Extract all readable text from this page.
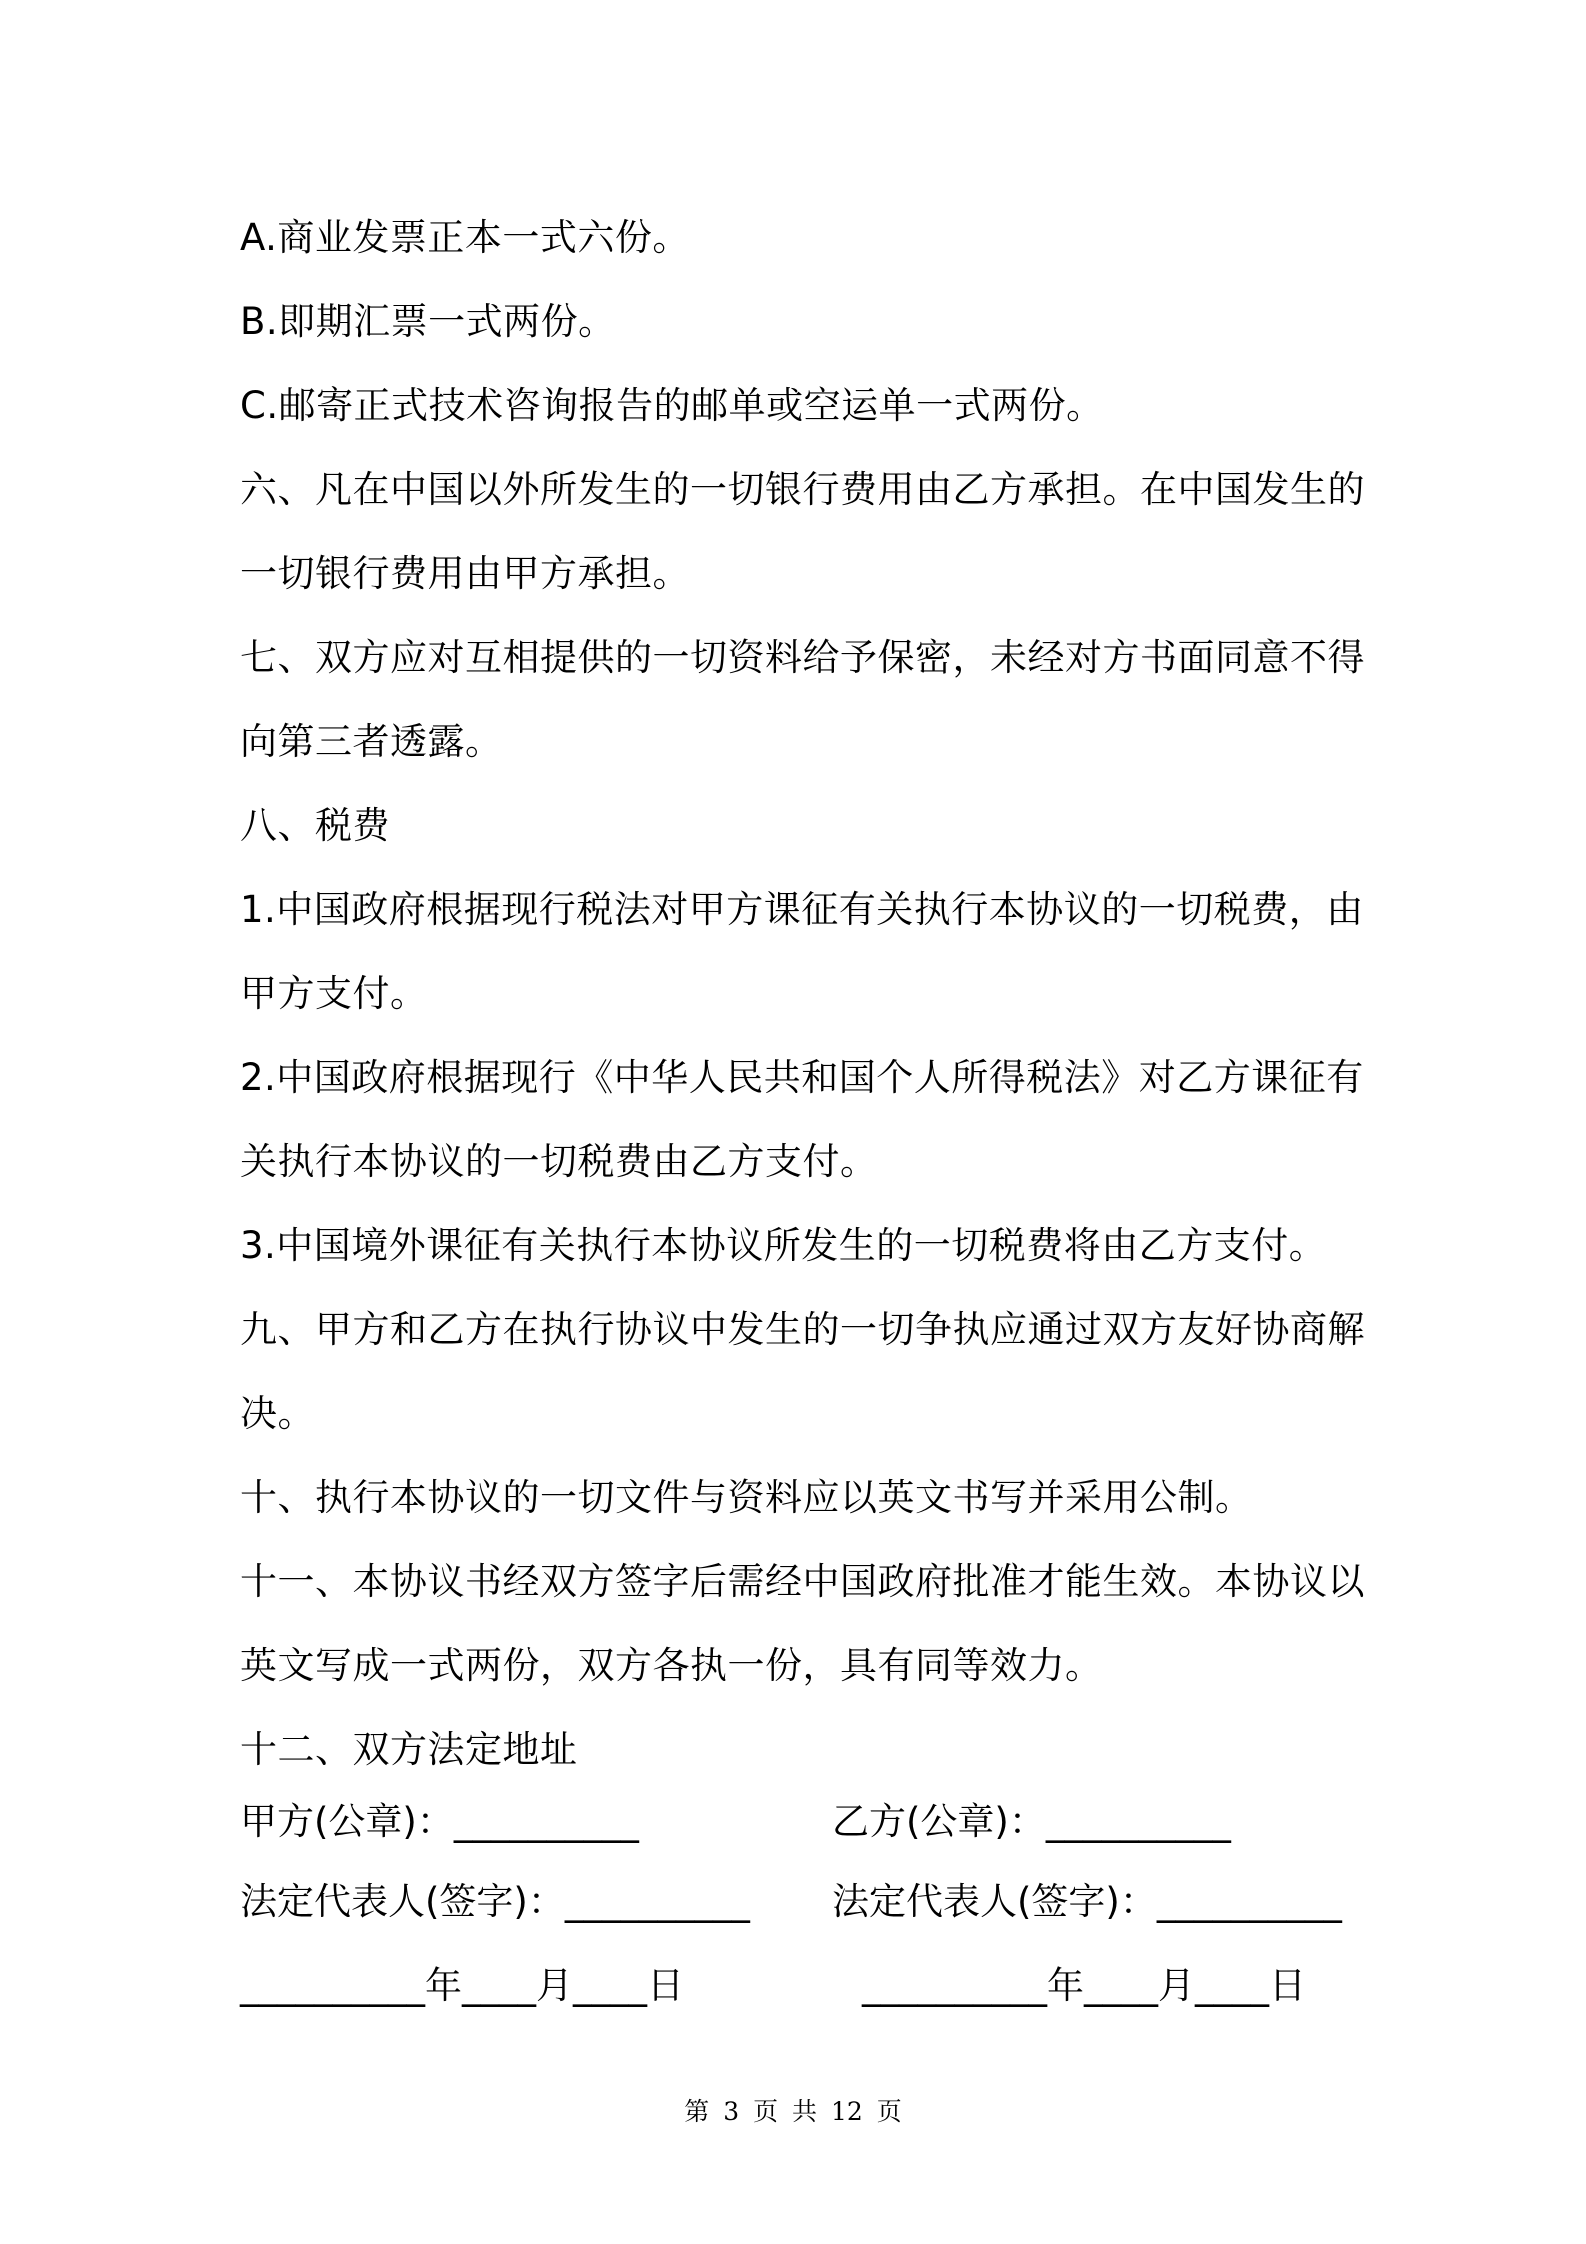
A.商业发票正本一式六份。
B.即期汇票一式两份。
C.邮寄正式技术咨询报告的邮单或空运单一式两份。
六、凡在中国以外所发生的一切银行费用由乙方承担。在中国发生的
一切银行费用由甲方承担。
七、双方应对互相提供的一切资料给予保密，未经对方书面同意不得
向第三者透露。
八、税费
1.中国政府根据现行税法对甲方课征有关执行本协议的一切税费，由
甲方支付。
2.中国政府根据现行《中华人民共和国个人所得税法》对乙方课征有
关执行本协议的一切税费由乙方支付。
3.中国境外课征有关执行本协议所发生的一切税费将由乙方支付。
九、甲方和乙方在执行协议中发生的一切争执应通过双方友好协商解
决。
十、执行本协议的一切文件与资料应以英文书写并采用公制。
十一、本协议书经双方签字后需经中国政府批准才能生效。本协议以
英文写成一式两份，双方各执一份，具有同等效力。
十二、双方法定地址
甲方(公章)：__________	乙方(公章)：__________
法定代表人(签字)：__________ 法定代表人(签字)：__________
__________年____月____日	__________年____月____日
第 3 页 共 12 页
